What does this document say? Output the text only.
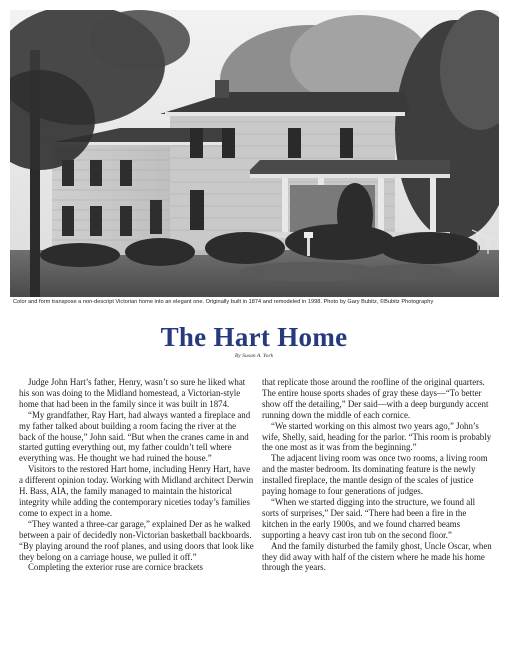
Color and form transpose a non-descript Victorian home into an elegant one. Originally built in 1874 and remodeled in 1998. Photo by Gary Bubitz, ©Bubitz Photography
The Hart Home
By Susan A. York

Judge John Hart’s father, Henry, wasn’t so sure he liked what his son was doing to the Midland homestead, a Victorian-style home that had been in the family since it was built in 1874.

“My grandfather, Ray Hart, had always wanted a fireplace and my father talked about building a room facing the river at the back of the house,” John said. “But when the cranes came in and started gutting everything out, my father couldn’t tell where everything was. He thought we had ruined the house.”

Visitors to the restored Hart home, including Henry Hart, have a different opinion today. Working with Midland architect Derwin H. Bass, AIA, the family managed to maintain the historical integrity while adding the contemporary niceties today’s families come to expect in a home.

“They wanted a three-car garage,” explained Der as he walked between a pair of decidedly non-Victorian basketball backboards. “By playing around the roof planes, and using doors that look like they belong on a carriage house, we pulled it off.”

Completing the exterior ruse are cornice brackets

that replicate those around the roofline of the original quarters. The entire house sports shades of gray these days—“To better show off the detailing,” Der said—with a deep burgundy accent running down the middle of each cornice.

“We started working on this almost two years ago,” John’s wife, Shelly, said, heading for the parlor. “This room is probably the one most as it was from the beginning.”

The adjacent living room was once two rooms, a living room and the master bedroom. Its dominating feature is the newly installed fireplace, the mantle design of the scales of justice paying homage to four generations of judges.

“When we started digging into the structure, we found all sorts of surprises,” Der said. “There had been a fire in the kitchen in the early 1900s, and we found charred beams supporting a heavy cast iron tub on the second floor.”

And the family disturbed the family ghost, Uncle Oscar, when they did away with half of the cistern where he made his home through the years.
